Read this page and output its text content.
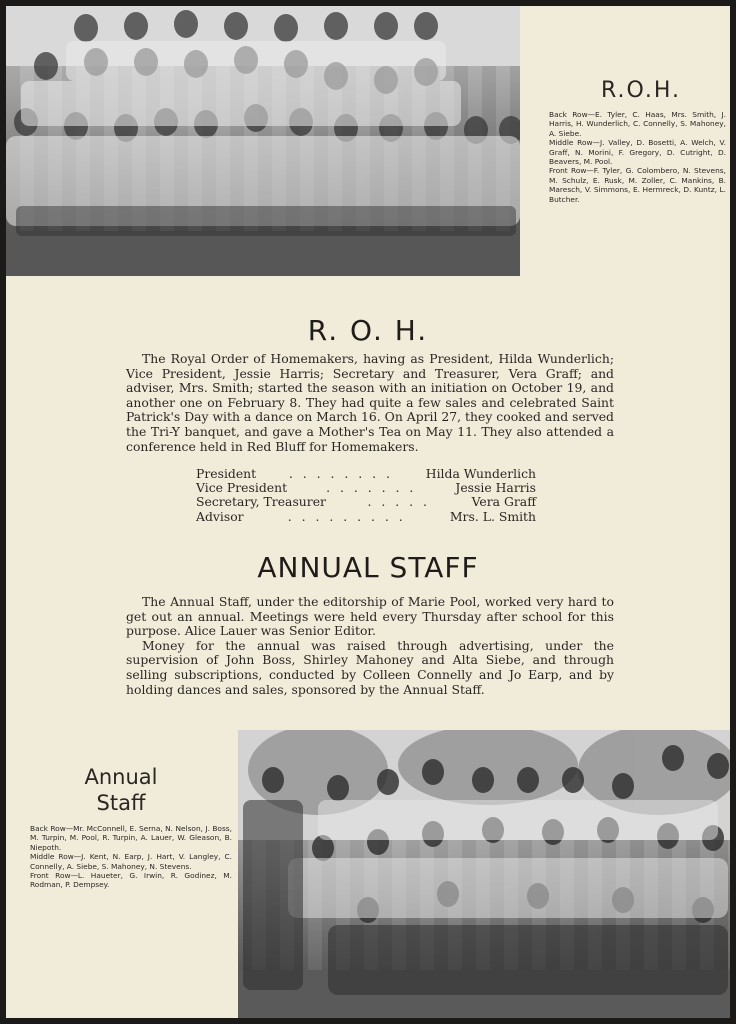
R.O.H.

Back Row—E. Tyler, C. Haas, Mrs. Smith, J. Harris, H. Wunderlich, C. Connelly, S. Mahoney, A. Siebe.

Middle Row—J. Valley, D. Bosetti, A. Welch, V. Graff, N. Morini, F. Gregory, D. Cutright, D. Beavers, M. Pool.

Front Row—F. Tyler, G. Colombero, N. Stevens, M. Schulz, E. Rusk, M. Zoller, C. Mankins, B. Maresch, V. Simmons, E. Hermreck, D. Kuntz, L. Butcher.

R. O. H.
The Royal Order of Homemakers, having as President, Hilda Wunderlich; Vice President, Jessie Harris; Secretary and Treasurer, Vera Graff; and adviser, Mrs. Smith; started the season with an initiation on October 19, and another one on February 8. They had quite a few sales and celebrated Saint Patrick's Day with a dance on March 16. On April 27, they cooked and served the Tri-Y banquet, and gave a Mother's Tea on May 11. They also attended a conference held in Red Bluff for Homemakers.
President	. . . . . . . .	Hilda Wunderlich
Vice President	. . . . . . .	Jessie Harris
Secretary, Treasurer	. . . . .	Vera Graff
Advisor	. . . . . . . . .	Mrs. L. Smith
ANNUAL STAFF

The Annual Staff, under the editorship of Marie Pool, worked very hard to get out an annual. Meetings were held every Thursday after school for this purpose. Alice Lauer was Senior Editor.

Money for the annual was raised through advertising, under the supervision of John Boss, Shirley Mahoney and Alta Siebe, and through selling subscriptions, conducted by Colleen Connelly and Jo Earp, and by holding dances and sales, sponsored by the Annual Staff.

Annual
Staff

Back Row—Mr. McConnell, E. Serna, N. Nelson, J. Boss, M. Turpin, M. Pool, R. Turpin, A. Lauer, W. Gleason, B. Niepoth.

Middle Row—J. Kent, N. Earp, J. Hart, V. Langley, C. Connelly, A. Siebe, S. Mahoney, N. Stevens.

Front Row—L. Haueter, G. Irwin, R. Godinez, M. Rodman, P. Dempsey.
